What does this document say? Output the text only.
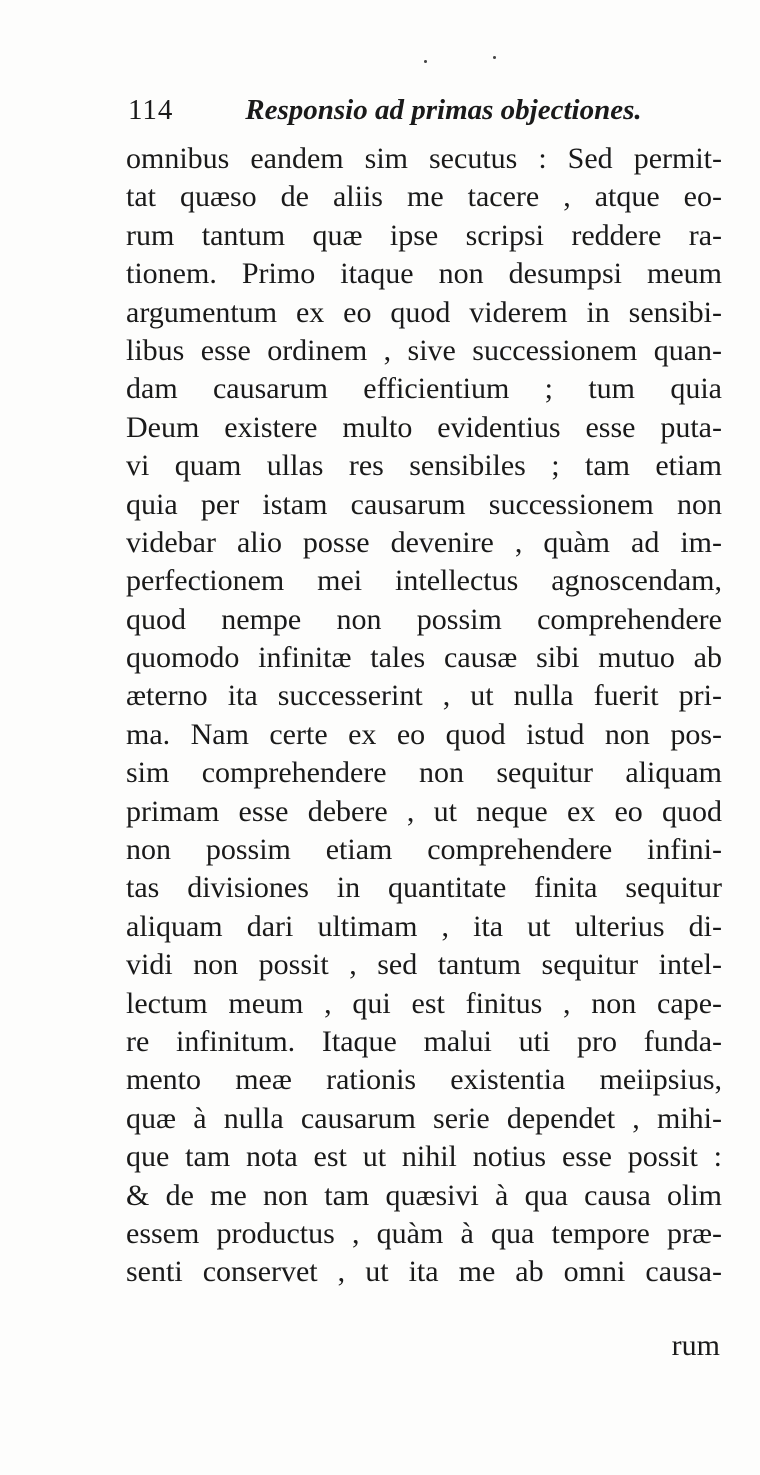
114 Responsio ad primas objectiones.
omnibus eandem sim secutus : Sed permit-
tat quæso de aliis me tacere , atque eo-
rum tantum quæ ipse scripsi reddere ra-
tionem. Primo itaque non desumpsi meum
argumentum ex eo quod viderem in sensibi-
libus esse ordinem , sive successionem quan-
dam causarum efficientium ; tum quia
Deum existere multo evidentius esse puta-
vi quam ullas res sensibiles ; tam etiam
quia per istam causarum successionem non
videbar alio posse devenire , quàm ad im-
perfectionem mei intellectus agnoscendam,
quod nempe non possim comprehendere
quomodo infinitæ tales causæ sibi mutuo ab
æterno ita successerint , ut nulla fuerit pri-
ma. Nam certe ex eo quod istud non pos-
sim comprehendere non sequitur aliquam
primam esse debere , ut neque ex eo quod
non possim etiam comprehendere infini-
tas divisiones in quantitate finita sequitur
aliquam dari ultimam , ita ut ulterius di-
vidi non possit , sed tantum sequitur intel-
lectum meum , qui est finitus , non cape-
re infinitum. Itaque malui uti pro funda-
mento meæ rationis existentia meiipsius,
quæ à nulla causarum serie dependet , mihi-
que tam nota est ut nihil notius esse possit :
& de me non tam quæsivi à qua causa olim
essem productus , quàm à qua tempore præ-
senti conservet , ut ita me ab omni causa-
rum
